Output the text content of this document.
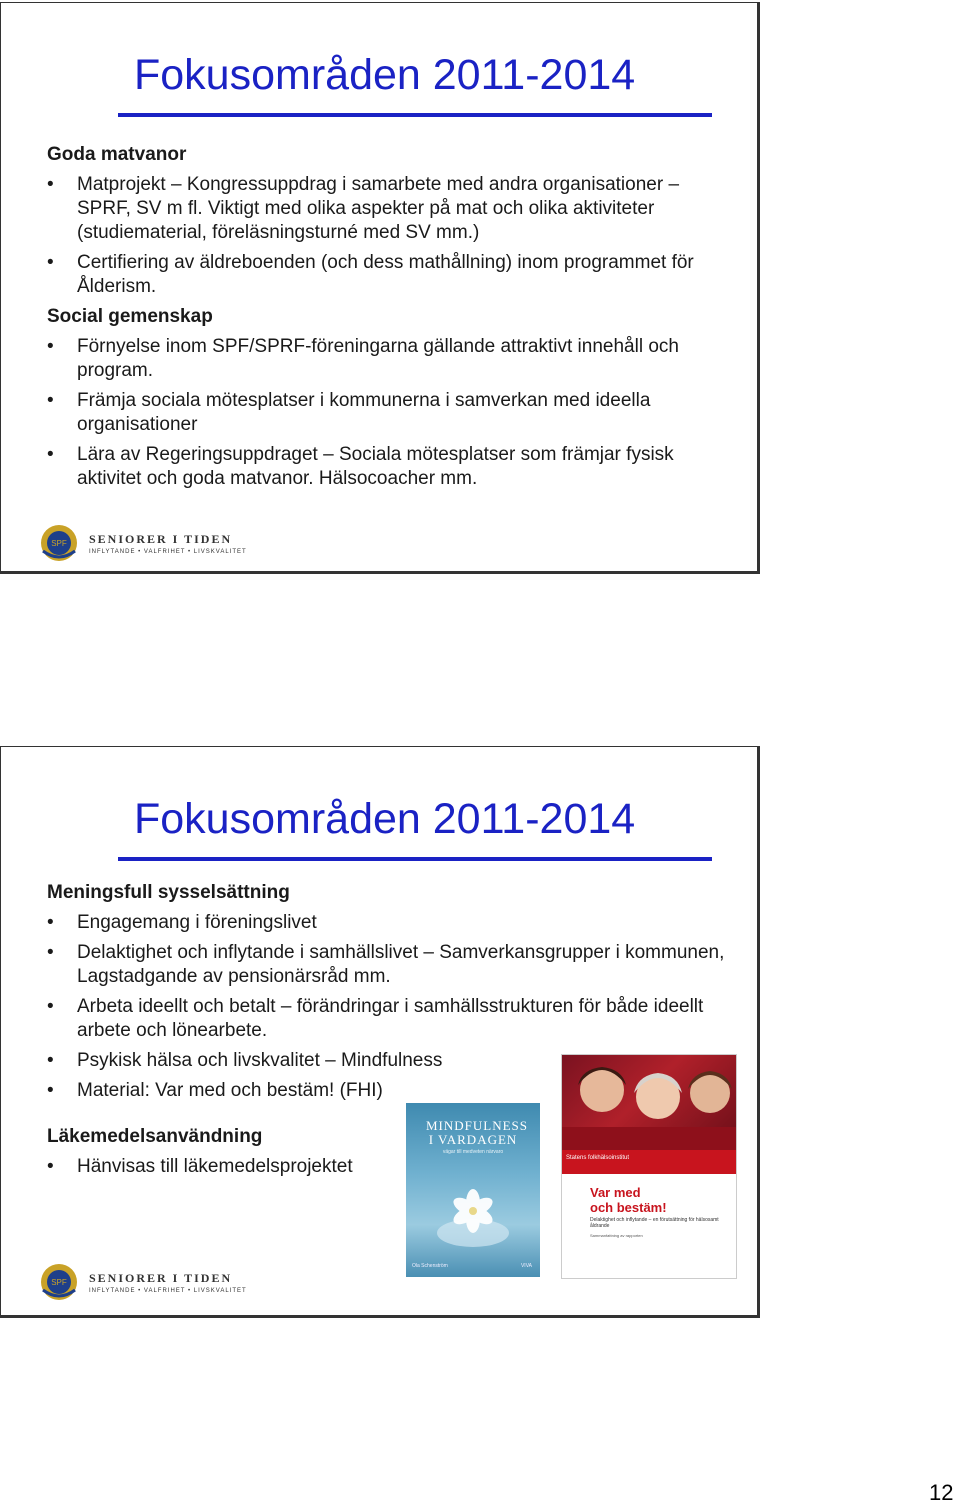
Fokusområden 2011-2014
Goda matvanor
• Matprojekt – Kongressuppdrag i samarbete med andra organisationer – SPRF, SV m fl. Viktigt med olika aspekter på mat och olika aktiviteter (studiematerial, föreläsningsturné med SV mm.)
• Certifiering av äldreboenden (och dess mathållning) inom programmet för Ålderism.
Social gemenskap
• Förnyelse inom SPF/SPRF-föreningarna gällande attraktivt innehåll och program.
• Främja sociala mötesplatser i kommunerna i samverkan med ideella organisationer
• Lära av Regeringsuppdraget – Sociala mötesplatser som främjar fysisk aktivitet och goda matvanor. Hälsocoacher mm.
SPF SENIORER I TIDEN
INFLYTANDE • VALFRIHET • LIVSKVALITET
Fokusområden 2011-2014
Meningsfull sysselsättning
• Engagemang i föreningslivet
• Delaktighet och inflytande i samhällslivet – Samverkansgrupper i kommunen, Lagstadgande av pensionärsråd mm.
• Arbeta ideellt och betalt – förändringar i samhällsstrukturen för både ideellt arbete och lönearbete.
• Psykisk hälsa och livskvalitet – Mindfulness
• Material: Var med och bestäm! (FHI)
Läkemedelsanvändning
• Hänvisas till läkemedelsprojektet
MINDFULNESS
I VARDAGEN
vägar till medveten närvaro
Ola Schenström	VIVA
Statens folkhälsoinstitut
Var med
och bestäm!
Delaktighet och inflytande – en förutsättning för hälsosamt åldrande
Sammanfattning av rapporten
SPF SENIORER I TIDEN
INFLYTANDE • VALFRIHET • LIVSKVALITET
12
